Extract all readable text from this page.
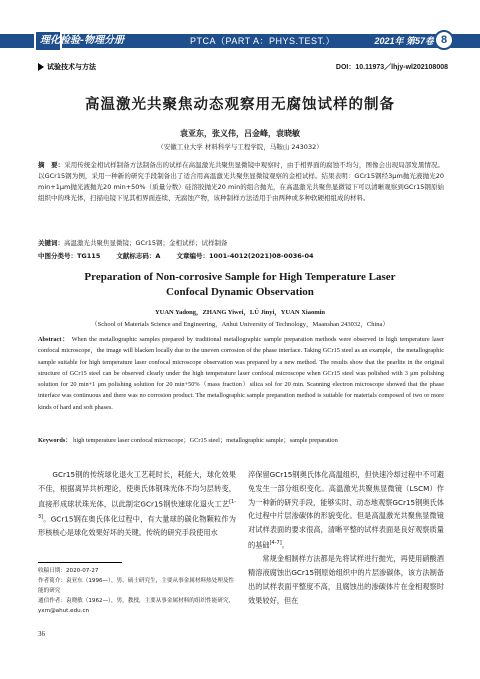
理化检验-物理分册	PTCA（PART A：PHYS.TEST.）	2021年 第57卷 8
试验技术与方法	DOI：10.11973／lhjy-wl202108008
高温激光共聚焦动态观察用无腐蚀试样的制备
袁亚东，张义伟，吕金峰，袁晓敏
（安徽工业大学 材料科学与工程学院，马鞍山 243032）
摘　要：采用传统金相试样制备方法制备出的试样在高温激光共聚焦显微镜中观察时，由于相界面的腐蚀不均匀，图像会出现局部发黑情况。以GCr15钢为例，采用一种新的研究手段制备出了适合用高温激光共聚焦显微镜观察的金相试样。结果表明：GCr15钢经3μm抛光液抛光20 min+1μm抛光液抛光20 min+50%（质量分数）硅溶胶抛光20 min的组合抛光，在高温激光共聚焦显微镜下可以清晰观察到GCr15钢原始组织中的珠光体，扫描电镜下见其相界面连续、无腐蚀产物，该种制样方法适用于由两种或多种软硬相组成的材料。
关键词：高温激光共聚焦显微镜；GCr15钢；金相试样；试样制备
中图分类号：TG115 文献标志码：A 文章编号：1001-4012(2021)08-0036-04
Preparation of Non-corrosive Sample for High Temperature Laser
Confocal Dynamic Observation
YUAN Yadong，ZHANG Yiwei，LÜ Jinyi，YUAN Xiaomin
（School of Materials Science and Engineering，Anhui University of Technology，Maanshan 243032，China）
Abstract： When the metallographic samples prepared by traditional metallographic sample preparation methods were observed in high temperature laser confocal microscope，the image will blacken locally due to the uneven corrosion of the phase interface. Taking GCr15 steel as an example，the metallographic sample suitable for high temperature laser confocal microscope observation was prepared by a new method. The results show that the pearlite in the original structure of GCr15 steel can be observed clearly under the high temperature laser confocal microscope when GCr15 steel was polished with 3 μm polishing solution for 20 min+1 μm polishing solution for 20 min+50%（mass fraction）silica sol for 20 min. Scanning electron microscope showed that the phase interface was continuous and there was no corrosion product. The metallographic sample preparation method is suitable for materials composed of two or more kinds of hard and soft phases.
Keywords： high temperature laser confocal microscope；GCr15 steel；metallographic sample；sample preparation

GCr15钢的传统球化退火工艺耗时长，耗能大，球化效果不佳，根据离异共析理论，使奥氏体钢珠光体不均匀层转变，直接形成球状珠光体，以此制定GCr15钢快速球化退火工艺[1-3]。GCr15钢在奥氏体化过程中，有大量球的碳化物颗粒作为形核核心是球化效果好坏的关键。传统的研究手段使用水

收稿日期：2020-07-27
作者简介：袁亚东（1996—），男，硕士研究生，主要从事金属材料热处理及性能的研究
通信作者：袁晓敏（1962—），男，教授，主要从事金属材料的组织性能研究，yxm@ahut.edu.cn
36

淬保留GCr15钢奥氏体化高温组织，但快速冷却过程中不可避免发生一部分组织变化。高温激光共聚焦显微镜（LSCM）作为一种新的研究手段，能够实时、动态地观察GCr15钢奥氏体化过程中片层渗碳体的形貌变化。但是高温激光共聚焦显微镜对试样表面的要求很高，清晰平整的试样表面是良好观察质量的基础[4-7]。

常规金相制样方法都是先将试样进行抛光，再使用硝酸酒精溶液腐蚀出GCr15钢原始组织中的片层渗碳体，该方法制备出的试样表面平整度不高，且腐蚀出的渗碳体片在金相观察时效果较好，但在
